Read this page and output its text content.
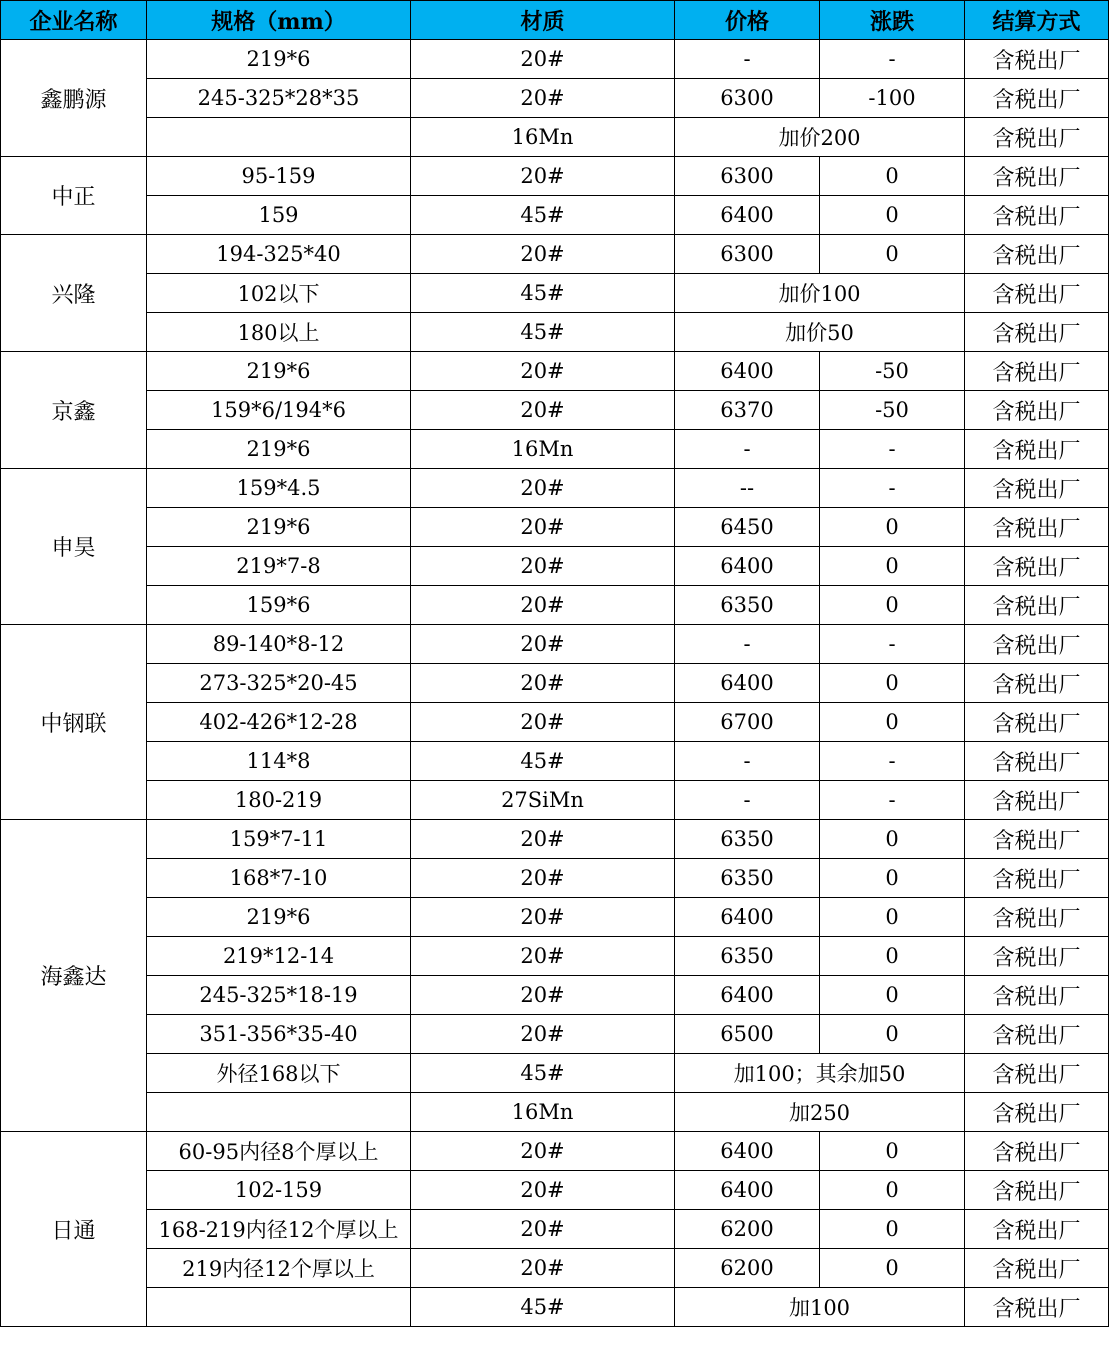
企业名称	规格（mm）	材质	价格	涨跌	结算方式
鑫鹏源	219*6	20#	-	-	含税出厂
	245-325*28*35	20#	6300	-100	含税出厂
		16Mn	加价200		含税出厂
中正	95-159	20#	6300	0	含税出厂
	159	45#	6400	0	含税出厂
兴隆	194-325*40	20#	6300	0	含税出厂
	102以下	45#	加价100		含税出厂
	180以上	45#	加价50		含税出厂
京鑫	219*6	20#	6400	-50	含税出厂
	159*6/194*6	20#	6370	-50	含税出厂
	219*6	16Mn	-	-	含税出厂
申昊	159*4.5	20#	--	-	含税出厂
	219*6	20#	6450	0	含税出厂
	219*7-8	20#	6400	0	含税出厂
	159*6	20#	6350	0	含税出厂
中钢联	89-140*8-12	20#	-	-	含税出厂
	273-325*20-45	20#	6400	0	含税出厂
	402-426*12-28	20#	6700	0	含税出厂
	114*8	45#	-	-	含税出厂
	180-219	27SiMn	-	-	含税出厂
海鑫达	159*7-11	20#	6350	0	含税出厂
	168*7-10	20#	6350	0	含税出厂
	219*6	20#	6400	0	含税出厂
	219*12-14	20#	6350	0	含税出厂
	245-325*18-19	20#	6400	0	含税出厂
	351-356*35-40	20#	6500	0	含税出厂
	外径168以下	45#	加100；其余加50		含税出厂
		16Mn	加250		含税出厂
日通	60-95内径8个厚以上	20#	6400	0	含税出厂
	102-159	20#	6400	0	含税出厂
	168-219内径12个厚以上	20#	6200	0	含税出厂
	219内径12个厚以上	20#	6200	0	含税出厂
		45#	加100		含税出厂
